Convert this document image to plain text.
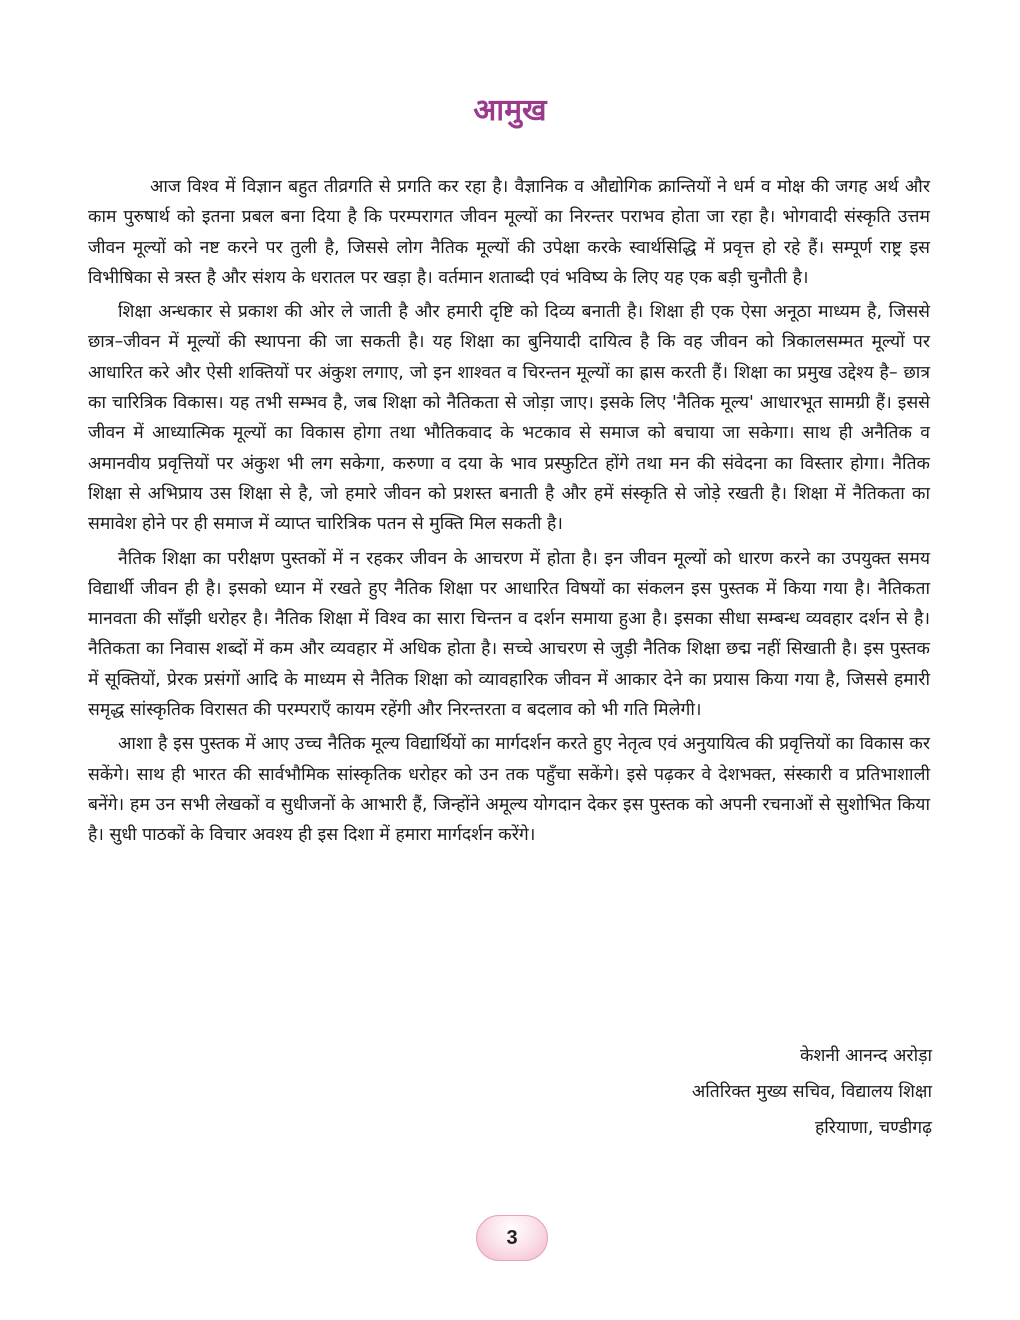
आमुख

आज विश्व में विज्ञान बहुत तीव्रगति से प्रगति कर रहा है। वैज्ञानिक व औद्योगिक क्रान्तियों ने धर्म व मोक्ष की जगह अर्थ और काम पुरुषार्थ को इतना प्रबल बना दिया है कि परम्परागत जीवन मूल्यों का निरन्तर पराभव होता जा रहा है। भोगवादी संस्कृति उत्तम जीवन मूल्यों को नष्ट करने पर तुली है, जिससे लोग नैतिक मूल्यों की उपेक्षा करके स्वार्थसिद्धि में प्रवृत्त हो रहे हैं। सम्पूर्ण राष्ट्र इस विभीषिका से त्रस्त है और संशय के धरातल पर खड़ा है। वर्तमान शताब्दी एवं भविष्य के लिए यह एक बड़ी चुनौती है।

शिक्षा अन्धकार से प्रकाश की ओर ले जाती है और हमारी दृष्टि को दिव्य बनाती है। शिक्षा ही एक ऐसा अनूठा माध्यम है, जिससे छात्र–जीवन में मूल्यों की स्थापना की जा सकती है। यह शिक्षा का बुनियादी दायित्व है कि वह जीवन को त्रिकालसम्मत मूल्यों पर आधारित करे और ऐसी शक्तियों पर अंकुश लगाए, जो इन शाश्वत व चिरन्तन मूल्यों का ह्रास करती हैं। शिक्षा का प्रमुख उद्देश्य है– छात्र का चारित्रिक विकास। यह तभी सम्भव है, जब शिक्षा को नैतिकता से जोड़ा जाए। इसके लिए 'नैतिक मूल्य' आधारभूत सामग्री हैं। इससे जीवन में आध्यात्मिक मूल्यों का विकास होगा तथा भौतिकवाद के भटकाव से समाज को बचाया जा सकेगा। साथ ही अनैतिक व अमानवीय प्रवृत्तियों पर अंकुश भी लग सकेगा, करुणा व दया के भाव प्रस्फुटित होंगे तथा मन की संवेदना का विस्तार होगा। नैतिक शिक्षा से अभिप्राय उस शिक्षा से है, जो हमारे जीवन को प्रशस्त बनाती है और हमें संस्कृति से जोड़े रखती है। शिक्षा में नैतिकता का समावेश होने पर ही समाज में व्याप्त चारित्रिक पतन से मुक्ति मिल सकती है।

नैतिक शिक्षा का परीक्षण पुस्तकों में न रहकर जीवन के आचरण में होता है। इन जीवन मूल्यों को धारण करने का उपयुक्त समय विद्यार्थी जीवन ही है। इसको ध्यान में रखते हुए नैतिक शिक्षा पर आधारित विषयों का संकलन इस पुस्तक में किया गया है। नैतिकता मानवता की साँझी धरोहर है। नैतिक शिक्षा में विश्व का सारा चिन्तन व दर्शन समाया हुआ है। इसका सीधा सम्बन्ध व्यवहार दर्शन से है। नैतिकता का निवास शब्दों में कम और व्यवहार में अधिक होता है। सच्चे आचरण से जुड़ी नैतिक शिक्षा छद्म नहीं सिखाती है। इस पुस्तक में सूक्तियों, प्रेरक प्रसंगों आदि के माध्यम से नैतिक शिक्षा को व्यावहारिक जीवन में आकार देने का प्रयास किया गया है, जिससे हमारी समृद्ध सांस्कृतिक विरासत की परम्पराएँ कायम रहेंगी और निरन्तरता व बदलाव को भी गति मिलेगी।

आशा है इस पुस्तक में आए उच्च नैतिक मूल्य विद्यार्थियों का मार्गदर्शन करते हुए नेतृत्व एवं अनुयायित्व की प्रवृत्तियों का विकास कर सकेंगे। साथ ही भारत की सार्वभौमिक सांस्कृतिक धरोहर को उन तक पहुँचा सकेंगे। इसे पढ़कर वे देशभक्त, संस्कारी व प्रतिभाशाली बनेंगे। हम उन सभी लेखकों व सुधीजनों के आभारी हैं, जिन्होंने अमूल्य योगदान देकर इस पुस्तक को अपनी रचनाओं से सुशोभित किया है। सुधी पाठकों के विचार अवश्य ही इस दिशा में हमारा मार्गदर्शन करेंगे।

केशनी आनन्द अरोड़ा
अतिरिक्त मुख्य सचिव, विद्यालय शिक्षा
हरियाणा, चण्डीगढ़
3
